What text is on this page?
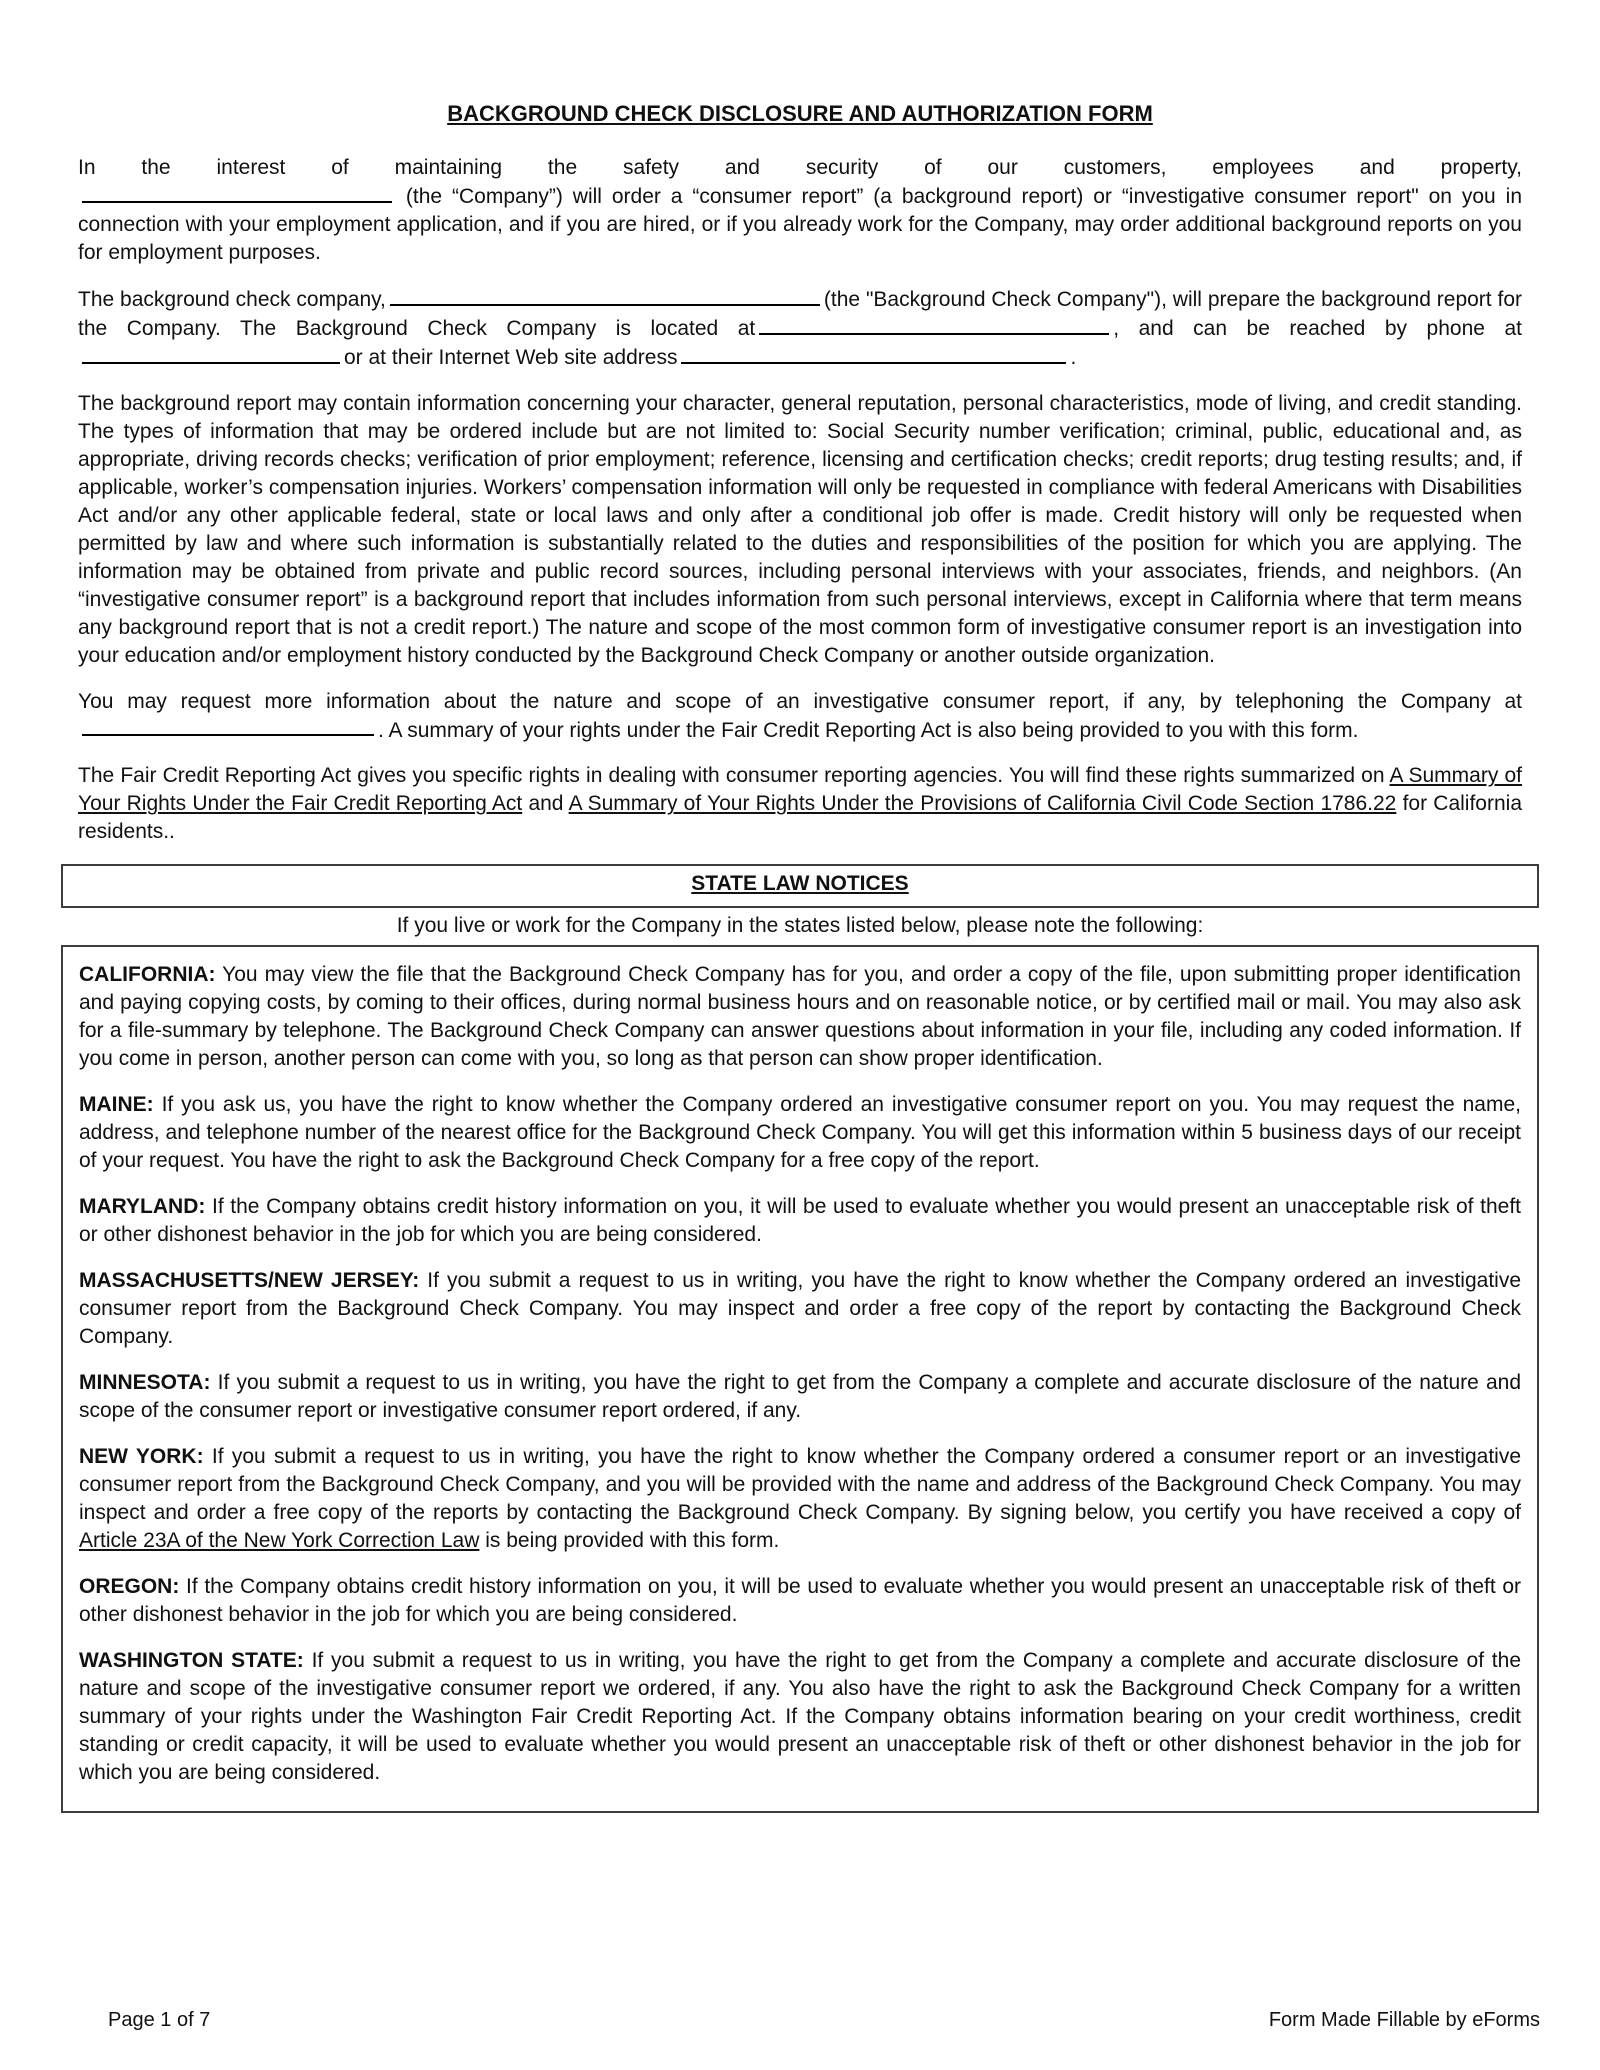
BACKGROUND CHECK DISCLOSURE AND AUTHORIZATION FORM
In the interest of maintaining the safety and security of our customers, employees and property,

(the “Company”) will order a “consumer report” (a background report) or “investigative consumer report" on you in connection with your employment application, and if you are hired, or if you already work for the Company, may order additional background reports on you for employment purposes.

The background check company,	(the "Background Check Company"), will prepare the background report for the Company. The Background Check Company is located at	, and can be reached by phone ator at their Internet Web site address	.

The background report may contain information concerning your character, general reputation, personal characteristics, mode of living, and credit standing. The types of information that may be ordered include but are not limited to: Social Security number verification; criminal, public, educational and, as appropriate, driving records checks; verification of prior employment; reference, licensing and certification checks; credit reports; drug testing results; and, if applicable, worker’s compensation injuries. Workers’ compensation information will only be requested in compliance with federal Americans with Disabilities Act and/or any other applicable federal, state or local laws and only after a conditional job offer is made. Credit history will only be requested when permitted by law and where such information is substantially related to the duties and responsibilities of the position for which you are applying. The information may be obtained from private and public record sources, including personal interviews with your associates, friends, and neighbors. (An “investigative consumer report” is a background report that includes information from such personal interviews, except in California where that term means any background report that is not a credit report.) The nature and scope of the most common form of investigative consumer report is an investigation into your education and/or employment history conducted by the Background Check Company or another outside organization.

You may request more information about the nature and scope of an investigative consumer report, if any, by telephoning the Company at

. A summary of your rights under the Fair Credit Reporting Act is also being provided to you with this form.

The Fair Credit Reporting Act gives you specific rights in dealing with consumer reporting agencies. You will find these rights summarized on A Summary of Your Rights Under the Fair Credit Reporting Act and A Summary of Your Rights Under the Provisions of California Civil Code Section 1786.22 for California residents..

STATE LAW NOTICES
If you live or work for the Company in the states listed below, please note the following:

CALIFORNIA: You may view the file that the Background Check Company has for you, and order a copy of the file, upon submitting proper identification and paying copying costs, by coming to their offices, during normal business hours and on reasonable notice, or by certified mail or mail. You may also ask for a file-summary by telephone. The Background Check Company can answer questions about information in your file, including any coded information. If you come in person, another person can come with you, so long as that person can show proper identification.

MAINE: If you ask us, you have the right to know whether the Company ordered an investigative consumer report on you. You may request the name, address, and telephone number of the nearest office for the Background Check Company. You will get this information within 5 business days of our receipt of your request. You have the right to ask the Background Check Company for a free copy of the report.

MARYLAND: If the Company obtains credit history information on you, it will be used to evaluate whether you would present an unacceptable risk of theft or other dishonest behavior in the job for which you are being considered.

MASSACHUSETTS/NEW JERSEY: If you submit a request to us in writing, you have the right to know whether the Company ordered an investigative consumer report from the Background Check Company. You may inspect and order a free copy of the report by contacting the Background Check Company.

MINNESOTA: If you submit a request to us in writing, you have the right to get from the Company a complete and accurate disclosure of the nature and scope of the consumer report or investigative consumer report ordered, if any.

NEW YORK: If you submit a request to us in writing, you have the right to know whether the Company ordered a consumer report or an investigative consumer report from the Background Check Company, and you will be provided with the name and address of the Background Check Company. You may inspect and order a free copy of the reports by contacting the Background Check Company. By signing below, you certify you have received a copy of Article 23A of the New York Correction Law is being provided with this form.

OREGON: If the Company obtains credit history information on you, it will be used to evaluate whether you would present an unacceptable risk of theft or other dishonest behavior in the job for which you are being considered.

WASHINGTON STATE: If you submit a request to us in writing, you have the right to get from the Company a complete and accurate disclosure of the nature and scope of the investigative consumer report we ordered, if any. You also have the right to ask the Background Check Company for a written summary of your rights under the Washington Fair Credit Reporting Act. If the Company obtains information bearing on your credit worthiness, credit standing or credit capacity, it will be used to evaluate whether you would present an unacceptable risk of theft or other dishonest behavior in the job for which you are being considered.

Page 1 of 7	Form Made Fillable by eForms
